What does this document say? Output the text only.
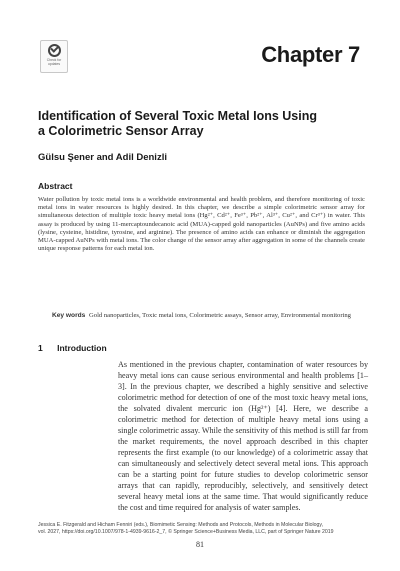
Check for
updates	Chapter 7
Identification of Several Toxic Metal Ions Using
a Colorimetric Sensor Array

Gülsu Şener and Adil Denizli

Abstract

Water pollution by toxic metal ions is a worldwide environmental and health problem, and therefore monitoring of toxic metal ions in water resources is highly desired. In this chapter, we describe a simple colorimetric sensor array for simultaneous detection of multiple toxic heavy metal ions (Hg²⁺, Cd²⁺, Fe³⁺, Pb²⁺, Al³⁺, Cu²⁺, and Cr³⁺) in water. This assay is produced by using 11-mercaptoundecanoic acid (MUA)-capped gold nanoparticles (AuNPs) and five amino acids (lysine, cysteine, histidine, tyrosine, and arginine). The presence of amino acids can enhance or diminish the aggregation MUA-capped AuNPs with metal ions. The color change of the sensor array after aggregation in some of the channels create unique response patterns for each metal ion.

Key words Gold nanoparticles, Toxic metal ions, Colorimetric assays, Sensor array, Environmental monitoring

1 Introduction

As mentioned in the previous chapter, contamination of water resources by heavy metal ions can cause serious environmental and health problems [1–3]. In the previous chapter, we described a highly sensitive and selective colorimetric method for detection of one of the most toxic heavy metal ions, the solvated divalent mercuric ion (Hg²⁺) [4]. Here, we describe a colorimetric method for detection of multiple heavy metal ions using a single colorimetric assay. While the sensitivity of this method is still far from the market requirements, the novel approach described in this chapter represents the first example (to our knowledge) of a colorimetric assay that can simultaneously and selectively detect several metal ions. This approach can be a starting point for future studies to develop colorimetric sensor arrays that can rapidly, reproducibly, selectively, and sensitively detect several heavy metal ions at the same time. That would significantly reduce the cost and time required for analysis of water samples.

Jessica E. Fitzgerald and Hicham Fenniri (eds.), Biomimetic Sensing: Methods and Protocols, Methods in Molecular Biology,
vol. 2027, https://doi.org/10.1007/978-1-4939-9616-2_7, © Springer Science+Business Media, LLC, part of Springer Nature 2019

81
